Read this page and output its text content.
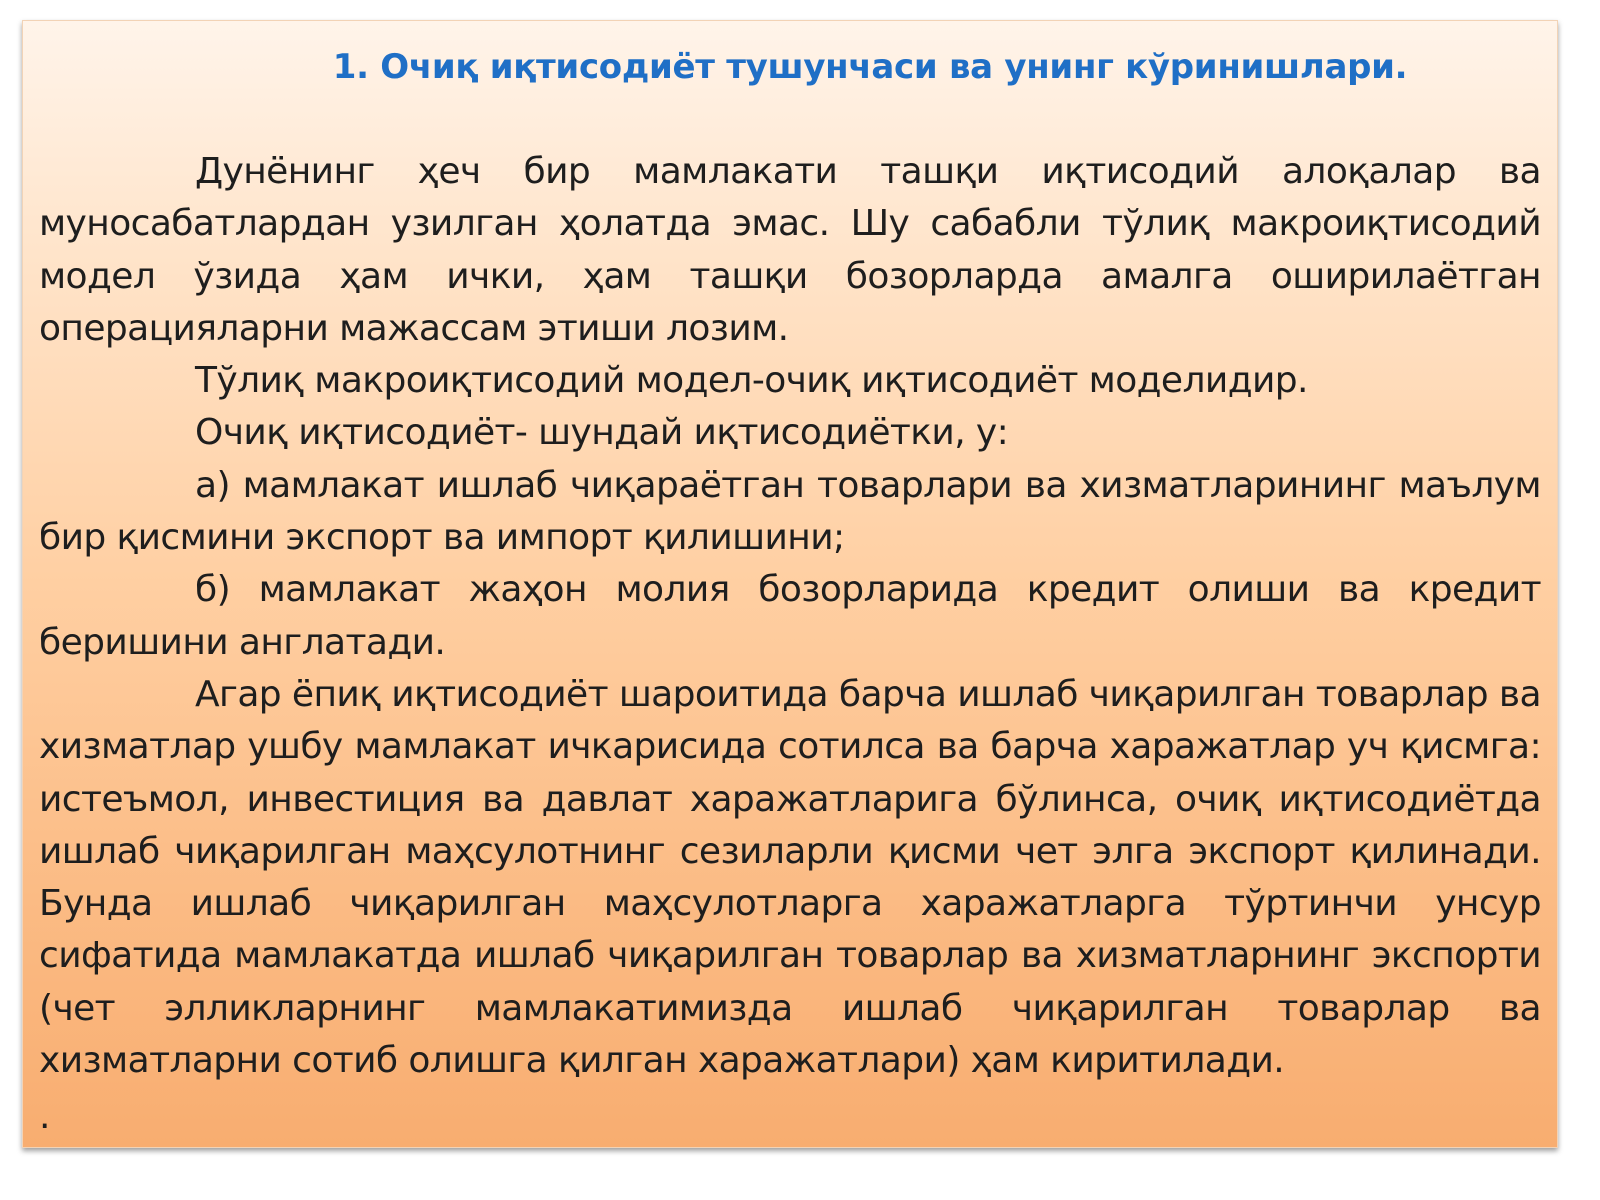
1. Очиқ иқтисодиёт тушунчаси ва унинг кўринишлари.

Дунёнинг ҳеч бир мамлакати ташқи иқтисодий алоқалар ва муносабатлардан узилган ҳолатда эмас. Шу сабабли тўлиқ макроиқтисодий модел ўзида ҳам ички, ҳам ташқи бозорларда амалга оширилаётган операцияларни мажассам этиши лозим.

Тўлиқ макроиқтисодий модел-очиқ иқтисодиёт моделидир.

Очиқ иқтисодиёт- шундай иқтисодиётки, у:

а) мамлакат ишлаб чиқараётган товарлари ва хизматларининг маълум бир қисмини экспорт ва импорт қилишини;

б) мамлакат жаҳон молия бозорларида кредит олиши ва кредит беришини англатади.

Агар ёпиқ иқтисодиёт шароитида барча ишлаб чиқарилган товарлар ва хизматлар ушбу мамлакат ичкарисида сотилса ва барча харажатлар уч қисмга: истеъмол, инвестиция ва давлат харажатларига бўлинса, очиқ иқтисодиётда ишлаб чиқарилган маҳсулотнинг сезиларли қисми чет элга экспорт қилинади. Бунда ишлаб чиқарилган маҳсулотларга харажатларга тўртинчи унсур сифатида мамлакатда ишлаб чиқарилган товарлар ва хизматларнинг экспорти (чет элликларнинг мамлакатимизда ишлаб чиқарилган товарлар ва хизматларни сотиб олишга қилган харажатлари) ҳам киритилади.

.
